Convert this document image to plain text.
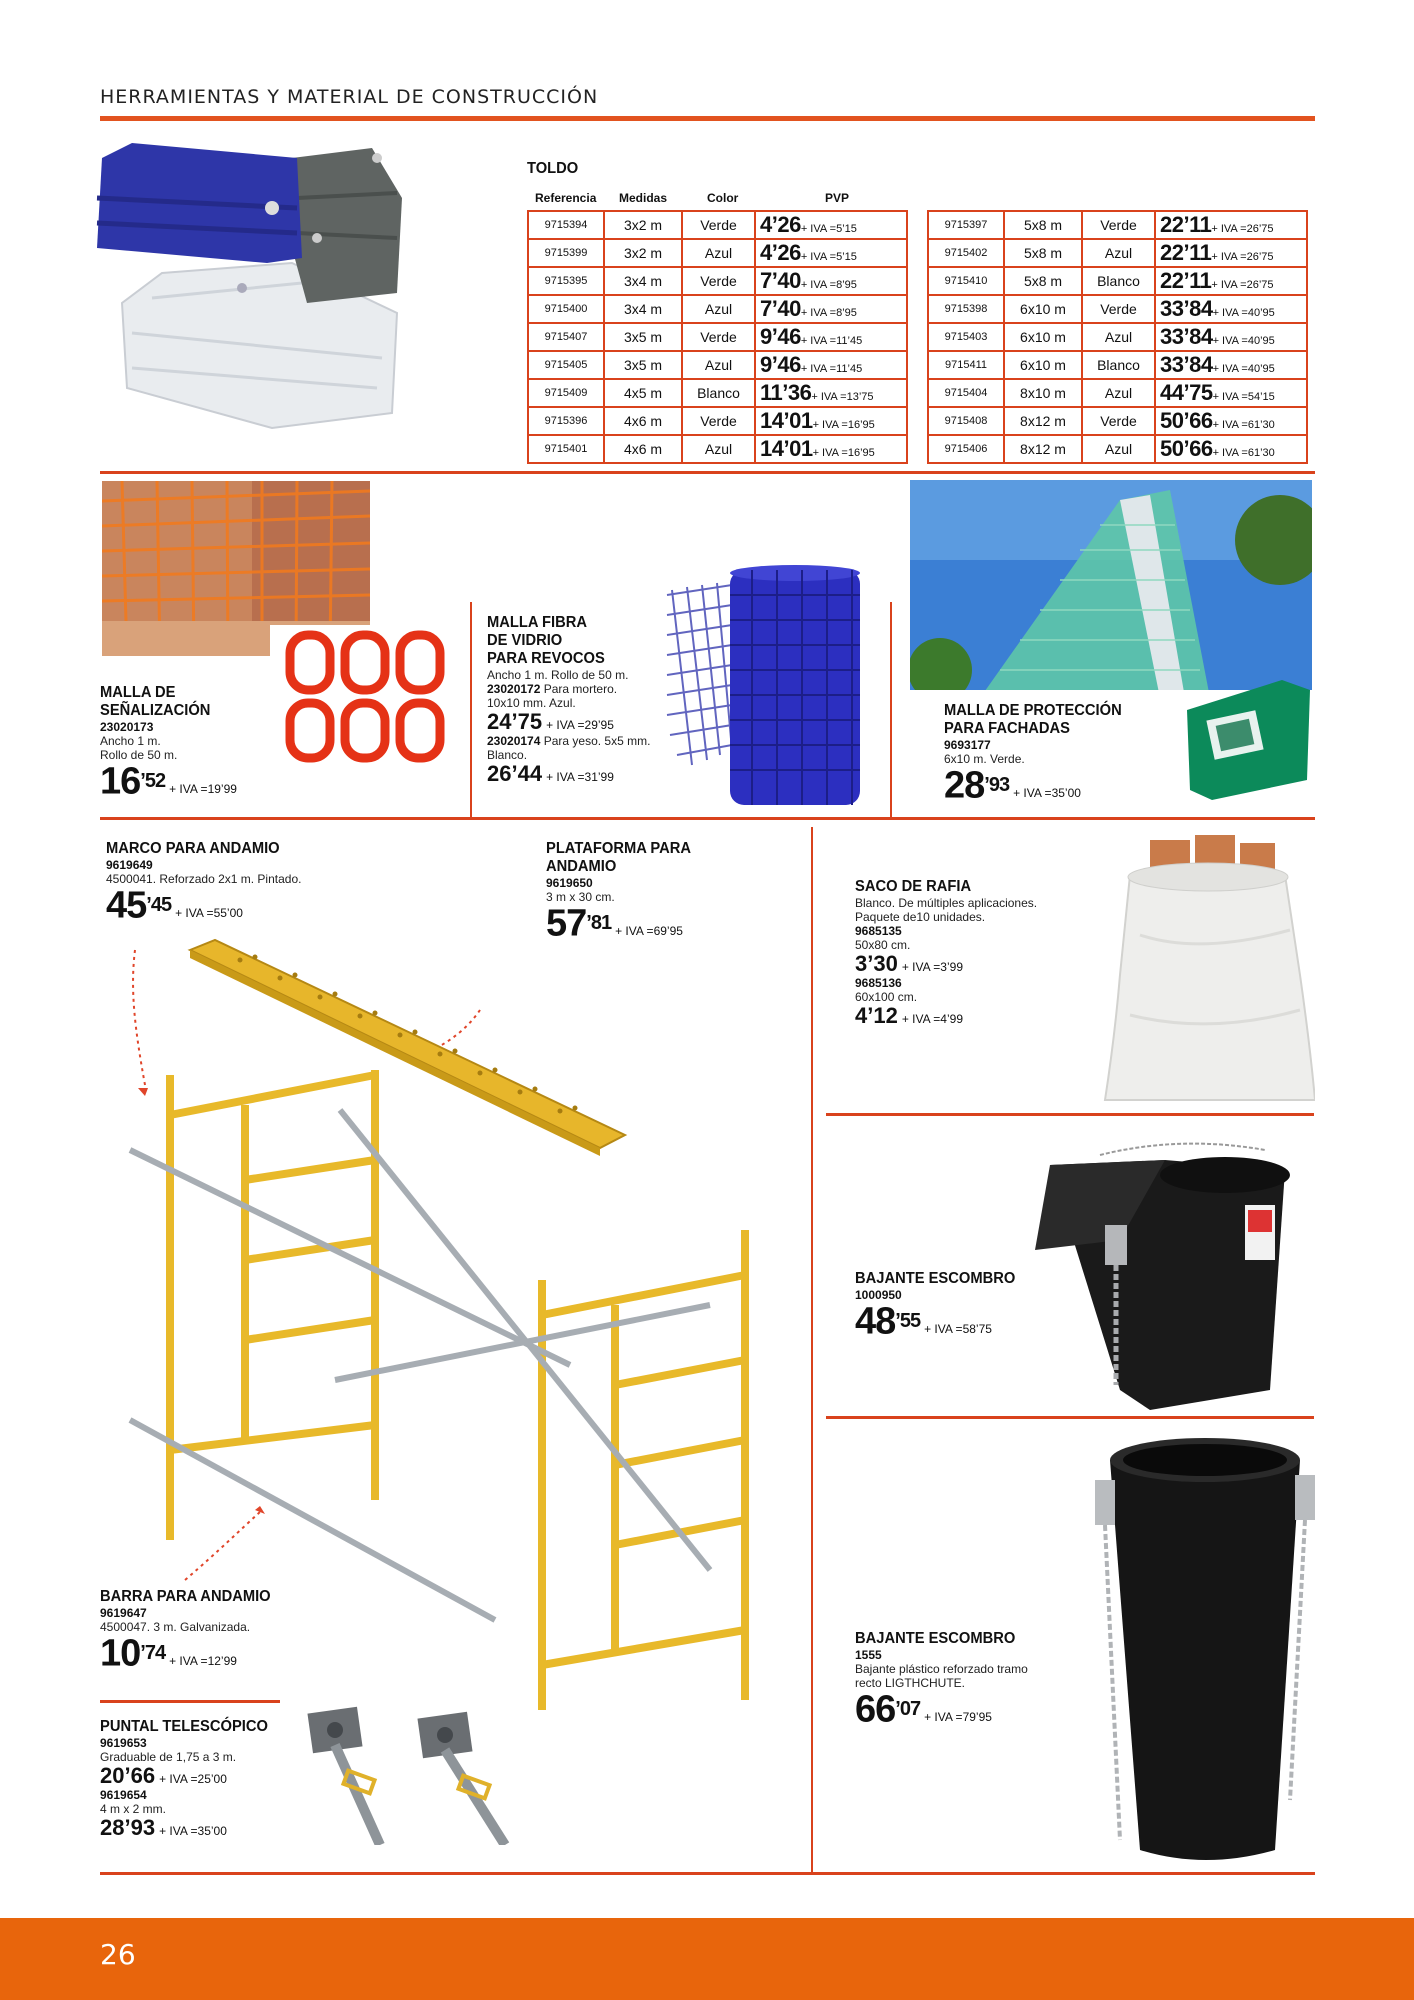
HERRAMIENTAS Y MATERIAL DE CONSTRUCCIÓN
TOLDO
Referencia Medidas	Color	PVP
9715394	3x2 m	Verde	4’26+ IVA =5’15
9715399	3x2 m	Azul	4’26+ IVA =5’15
9715395	3x4 m	Verde	7’40+ IVA =8’95
9715400	3x4 m	Azul	7’40+ IVA =8’95
9715407	3x5 m	Verde	9’46+ IVA =11’45
9715405	3x5 m	Azul	9’46+ IVA =11’45
9715409	4x5 m	Blanco	11’36+ IVA =13’75
9715396	4x6 m	Verde	14’01+ IVA =16’95
9715401	4x6 m	Azul	14’01+ IVA =16’95
9715397	5x8 m	Verde	22’11+ IVA =26’75
9715402	5x8 m	Azul	22’11+ IVA =26’75
9715410	5x8 m	Blanco	22’11+ IVA =26’75
9715398	6x10 m	Verde	33’84+ IVA =40’95
9715403	6x10 m	Azul	33’84+ IVA =40’95
9715411	6x10 m	Blanco	33’84+ IVA =40’95
9715404	8x10 m	Azul	44’75+ IVA =54’15
9715408	8x12 m	Verde	50’66+ IVA =61’30
9715406	8x12 m	Azul	50’66+ IVA =61’30
MALLA DE
SEÑALIZACIÓN
23020173
Ancho 1 m.
Rollo de 50 m.
$16^{’52}$ + IVA =19’99
MALLA FIBRA
DE VIDRIO
PARA REVOCOS
Ancho 1 m. Rollo de 50 m.
23020172 Para mortero.
10x10 mm. Azul.
24’75 + IVA =29’95
23020174 Para yeso. 5x5 mm.
Blanco.
26’44 + IVA =31’99
MALLA DE PROTECCIÓN
PARA FACHADAS
9693177
6x10 m. Verde.
$28^{’93}$ + IVA =35’00
MARCO PARA ANDAMIO
9619649
4500041. Reforzado 2x1 m. Pintado.
$45^{’45}$ + IVA =55’00
PLATAFORMA PARA
ANDAMIO
9619650
3 m x 30 cm.
$57^{’81}$ + IVA =69’95
BARRA PARA ANDAMIO
9619647
4500047. 3 m. Galvanizada.
$10^{’74}$ + IVA =12’99
PUNTAL TELESCÓPICO
9619653
Graduable de 1,75 a 3 m.
20’66 + IVA =25’00
9619654
4 m x 2 mm.
28’93 + IVA =35’00
SACO DE RAFIA
Blanco. De múltiples aplicaciones.
Paquete de10 unidades.
9685135
50x80 cm.
3’30 + IVA =3’99
9685136
60x100 cm.
4’12 + IVA =4’99
BAJANTE ESCOMBRO
1000950
$48^{’55}$ + IVA =58’75
BAJANTE ESCOMBRO
1555
Bajante plástico reforzado tramo
recto LIGTHCHUTE.
$66^{’07}$ + IVA =79’95
26
